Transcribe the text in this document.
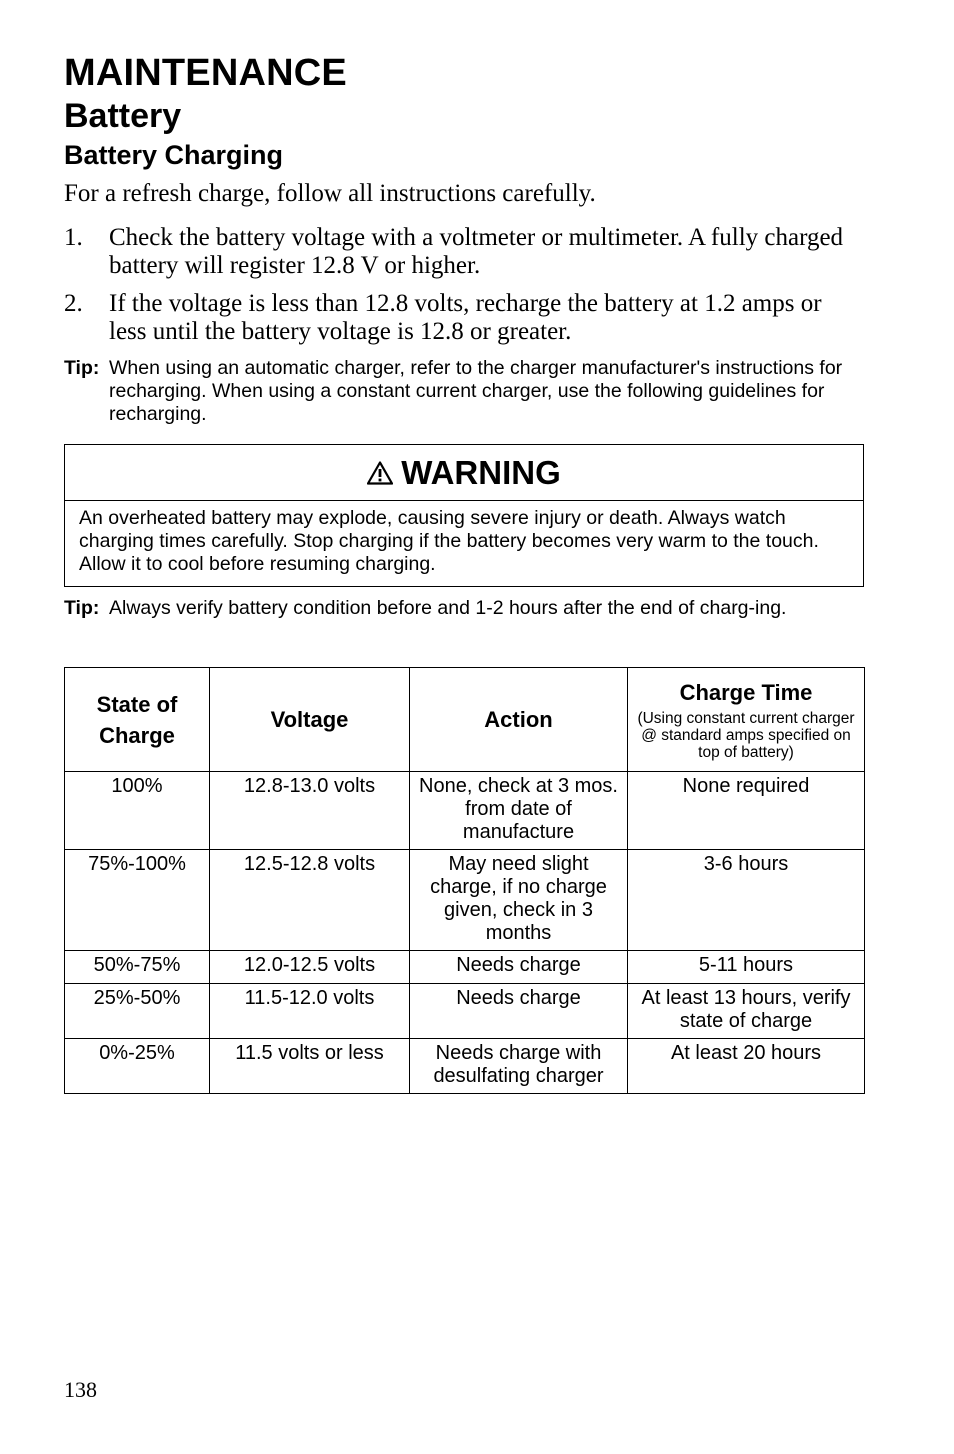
MAINTENANCE
Battery
Battery Charging
For a refresh charge, follow all instructions carefully.
1. Check the battery voltage with a voltmeter or multimeter. A fully charged battery will register 12.8 V or higher.
2. If the voltage is less than 12.8 volts, recharge the battery at 1.2 amps or less until the battery voltage is 12.8 or greater.
Tip: When using an automatic charger, refer to the charger manufacturer's instructions for recharging. When using a constant current charger, use the following guidelines for recharging.
WARNING
An overheated battery may explode, causing severe injury or death. Always watch charging times carefully. Stop charging if the battery becomes very warm to the touch. Allow it to cool before resuming charging.
Tip: Always verify battery condition before and 1-2 hours after the end of charg-ing.
State of Charge	Voltage	Action	Charge Time
(Using constant current charger @ standard amps specified on top of battery)

100%	12.8-13.0 volts	None, check at 3 mos. from date of manufacture	None required
75%-100%	12.5-12.8 volts	May need slight charge, if no charge given, check in 3 months	3-6 hours
50%-75%	12.0-12.5 volts	Needs charge	5-11 hours
25%-50%	11.5-12.0 volts	Needs charge	At least 13 hours, verify state of charge
0%-25%	11.5 volts or less	Needs charge with desulfating charger	At least 20 hours
138
